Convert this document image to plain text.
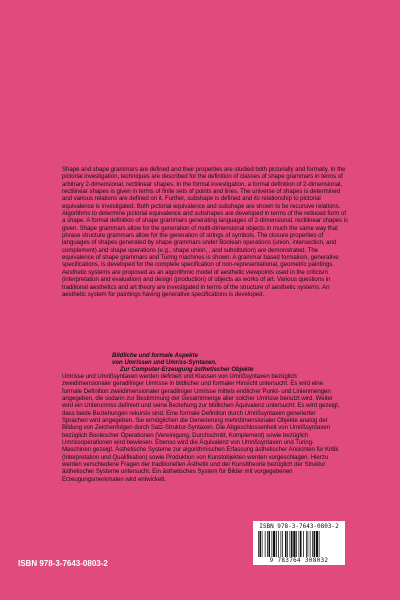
Shape and shape grammars are defined and their properties are studied both pictorially and formally. In the pictorial investigation, techniques are described for the definition of classes of shape grammars in terms of arbitrary 2-dimensional, rectilinear shapes. In the formal investigation, a formal definition of 2-dimensional, rectilinear shapes is given in terms of finite sets of points and lines. The universe of shapes is determined and various relations are defined on it. Further, subshape is defined and its relationship to pictorial equivalence is investigated. Both pictorial equivalence and subshape are shown to be recursive relations. Algorithms to determine pictorial equivalence and subshapes are developed in terms of the reduced form of a shape. A formal definition of shape grammars generating languages of 2-dimensional, rectilinear shapes is given. Shape grammars allow for the generation of multi-dimensional objects in much the same way that phrase structure grammars allow for the generation of strings of symbols. The closure properties of languages of shapes generated by shape grammars under Boolean operations (union, intersection, and complement) and shape operations (e.g., shape union, , and substitution) are demonstrated. The equivalence of shape grammars and Turing machines is shown. A grammar based formalism, generative specifications, is developed for the complete specification of non-representational, geometric paintings. Aesthetic systems are proposed as an algorithmic model of aesthetic viewpoints used in the criticism (interpretation and evaluation) and design (production) of objects as works of art. Various questions in traditional aesthetics and art theory are investigated in terms of the structure of aesthetic systems. An aesthetic system for paintings having generative specifications is developed.

Bildliche und formale Aspekte
von Umrissen und Umriss-Syntaxen.
Zur Computer-Erzeugung ästhetischer Objekte

Umrisse und Umrißsyntaxen werden definiert und Klassen von Umrißsyntaxen bezüglich zweidimensionaler geradliniger Umrisse in bildlicher und formaler Hinsicht untersucht. Es wird eine formale Definition zweidimensionaler geradliniger Umrisse mittels endlicher Punkt- und Linienmengen angegeben, die sodann zur Bestimmung der Gesamtmenge aller solcher Umrisse benutzt wird. Weiter wird ein Unterumriss definiert und seine Beziehung zur bildlichen Äquivalenz untersucht. Es wird gezeigt, dass beide Beziehungen rekursiv sind. Eine formale Definition durch Umrißsyntaxen generierter Sprachen wird angegeben. Sie ermöglichen die Generierung mehrdimensionaler Objekte analog der Bildung von Zeichenfolgen durch Satz-Struktur-Syntaxen. Die Abgeschlossenheit von Umrißsyntaxen bezüglich Boolescher Operationen (Vereinigung, Durchschnitt, Komplement) sowie bezüglich Umrissoperationen wird bewiesen. Ebenso wird die Äquivalenz von Umrißsyntaxen und Turing-Maschinen gezeigt. Ästhetische Systeme zur algorithmischen Erfassung ästhetischer Ansichten für Kritik (Interpretation und Qualifikation) sowie Produktion von Kunstobjekten werden vorgeschlagen. Hierzu werden verschiedene Fragen der traditionellen Ästhetik und der Kunsttheorie bezüglich der Struktur ästhetischer Systeme untersucht. Ein ästhetisches System für Bilder mit vorgegebenen Erzeugungsmerkmalen wird entwickelt.

ISBN 978-3-7643-0803-2
9 783764 308032
ISBN 978-3-7643-0803-2
